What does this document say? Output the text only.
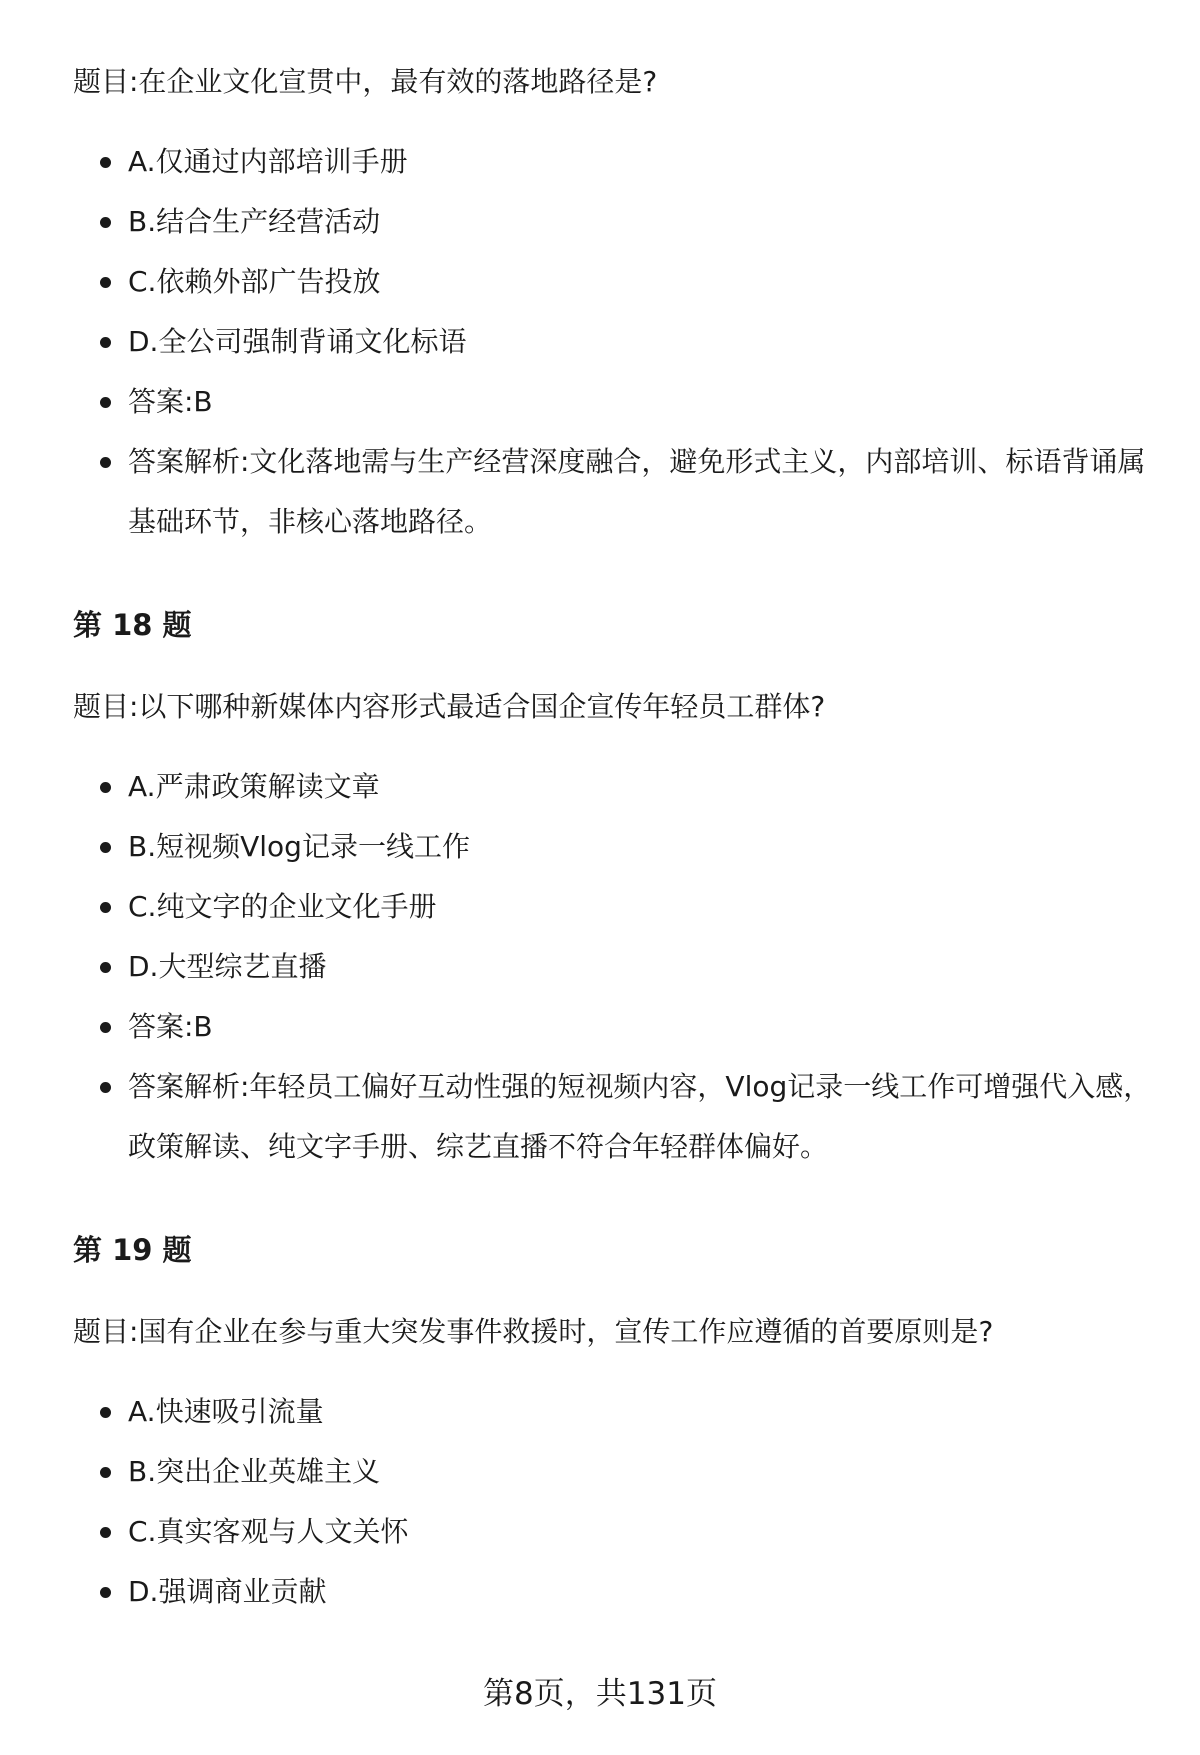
题目:在企业文化宣贯中，最有效的落地路径是?

A.仅通过内部培训手册
B.结合生产经营活动
C.依赖外部广告投放
D.全公司强制背诵文化标语
答案:B
答案解析:文化落地需与生产经营深度融合，避免形式主义，内部培训、标语背诵属基础环节，非核心落地路径。

第 18 题

题目:以下哪种新媒体内容形式最适合国企宣传年轻员工群体?

A.严肃政策解读文章
B.短视频Vlog记录一线工作
C.纯文字的企业文化手册
D.大型综艺直播
答案:B
答案解析:年轻员工偏好互动性强的短视频内容，Vlog记录一线工作可增强代入感，政策解读、纯文字手册、综艺直播不符合年轻群体偏好。

第 19 题

题目:国有企业在参与重大突发事件救援时，宣传工作应遵循的首要原则是?

A.快速吸引流量
B.突出企业英雄主义
C.真实客观与人文关怀
D.强调商业贡献
第8页，共131页
